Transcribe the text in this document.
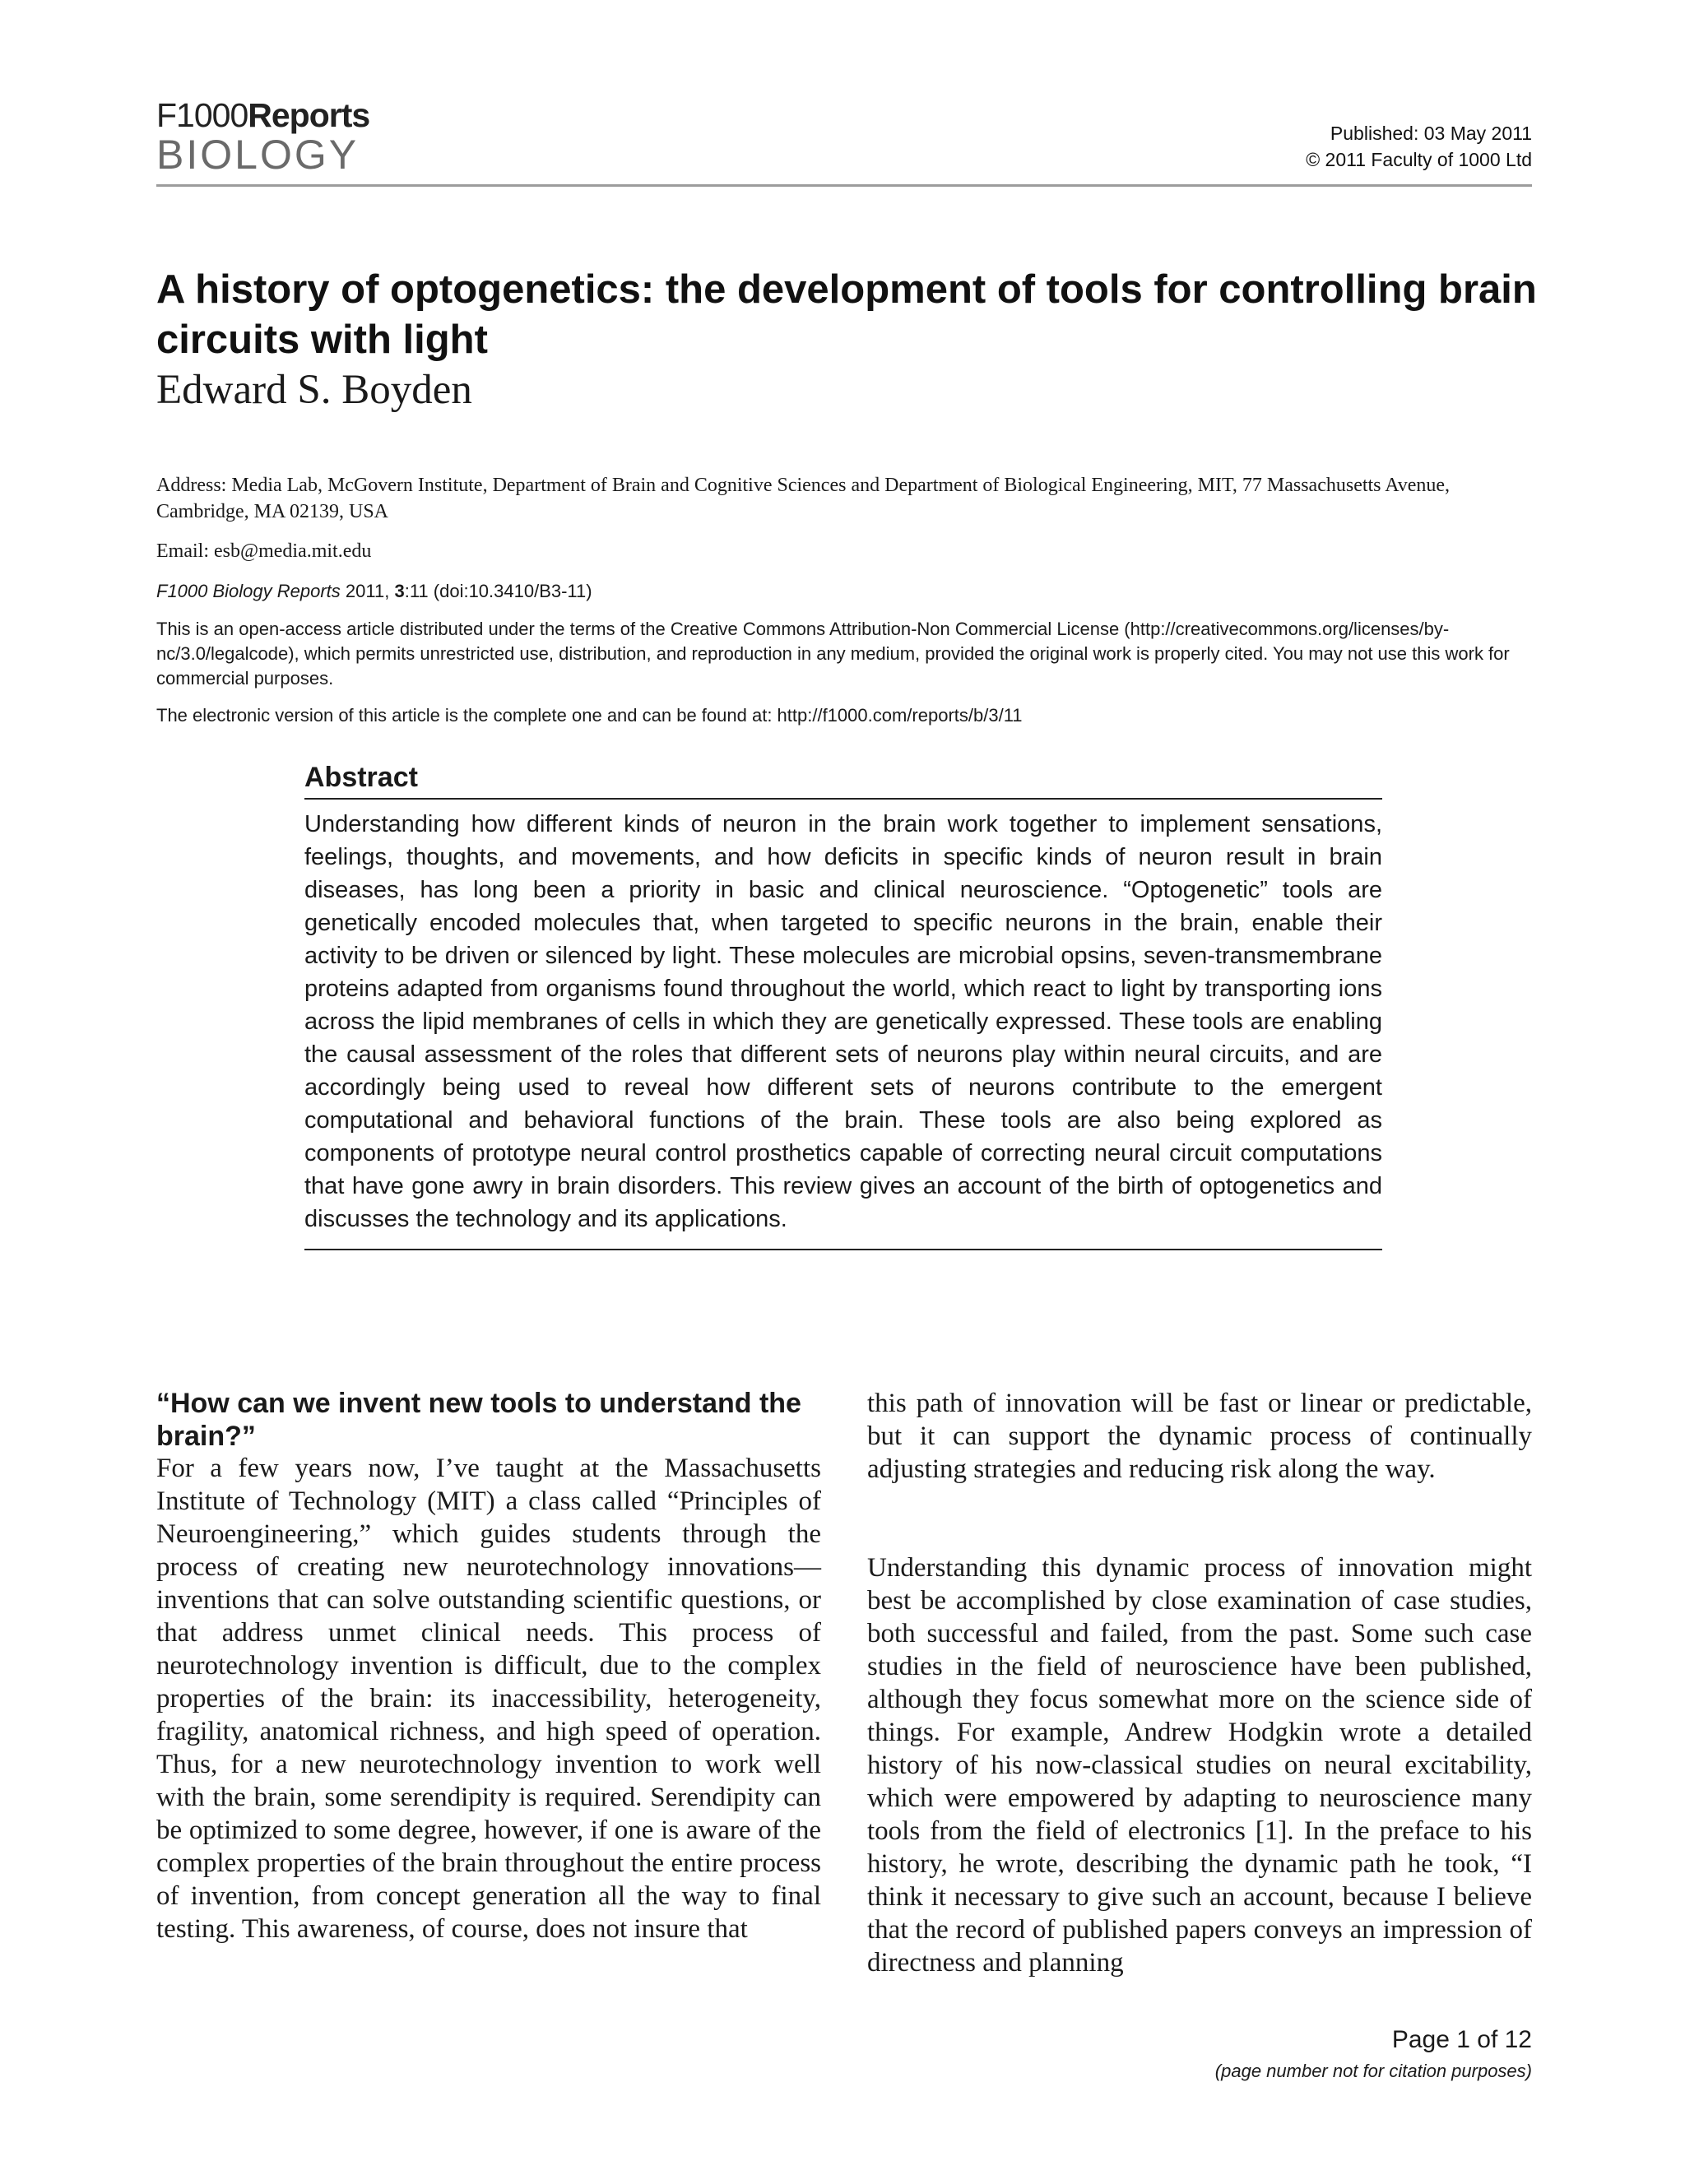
F1000Reports
BIOLOGY	Published: 03 May 2011
© 2011 Faculty of 1000 Ltd
A history of optogenetics: the development of tools for controlling brain circuits with light
Edward S. Boyden
Address: Media Lab, McGovern Institute, Department of Brain and Cognitive Sciences and Department of Biological Engineering, MIT, 77 Massachusetts Avenue, Cambridge, MA 02139, USA
Email: esb@media.mit.edu
F1000 Biology Reports 2011, 3:11 (doi:10.3410/B3-11)
This is an open-access article distributed under the terms of the Creative Commons Attribution-Non Commercial License (http://creativecommons.org/licenses/by-nc/3.0/legalcode), which permits unrestricted use, distribution, and reproduction in any medium, provided the original work is properly cited. You may not use this work for commercial purposes.
The electronic version of this article is the complete one and can be found at: http://f1000.com/reports/b/3/11
Abstract
Understanding how different kinds of neuron in the brain work together to implement sensations, feelings, thoughts, and movements, and how deficits in specific kinds of neuron result in brain diseases, has long been a priority in basic and clinical neuroscience. “Optogenetic” tools are genetically encoded molecules that, when targeted to specific neurons in the brain, enable their activity to be driven or silenced by light. These molecules are microbial opsins, seven-transmembrane proteins adapted from organisms found throughout the world, which react to light by transporting ions across the lipid membranes of cells in which they are genetically expressed. These tools are enabling the causal assessment of the roles that different sets of neurons play within neural circuits, and are accordingly being used to reveal how different sets of neurons contribute to the emergent computational and behavioral functions of the brain. These tools are also being explored as components of prototype neural control prosthetics capable of correcting neural circuit computations that have gone awry in brain disorders. This review gives an account of the birth of optogenetics and discusses the technology and its applications.
“How can we invent new tools to understand the brain?”
For a few years now, I’ve taught at the Massachusetts Institute of Technology (MIT) a class called “Principles of Neuroengineering,” which guides students through the process of creating new neurotechnology innovations—inventions that can solve outstanding scientific questions, or that address unmet clinical needs. This process of neurotechnology invention is difficult, due to the complex properties of the brain: its inaccessibility, heterogeneity, fragility, anatomical richness, and high speed of operation. Thus, for a new neurotechnology invention to work well with the brain, some serendipity is required. Serendipity can be optimized to some degree, however, if one is aware of the complex properties of the brain throughout the entire process of invention, from concept generation all the way to final testing. This awareness, of course, does not insure that
this path of innovation will be fast or linear or predictable, but it can support the dynamic process of continually adjusting strategies and reducing risk along the way.
Understanding this dynamic process of innovation might best be accomplished by close examination of case studies, both successful and failed, from the past. Some such case studies in the field of neuroscience have been published, although they focus somewhat more on the science side of things. For example, Andrew Hodgkin wrote a detailed history of his now-classical studies on neural excitability, which were empowered by adapting to neuroscience many tools from the field of electronics [1]. In the preface to his history, he wrote, describing the dynamic path he took, “I think it necessary to give such an account, because I believe that the record of published papers conveys an impression of directness and planning
Page 1 of 12
(page number not for citation purposes)
